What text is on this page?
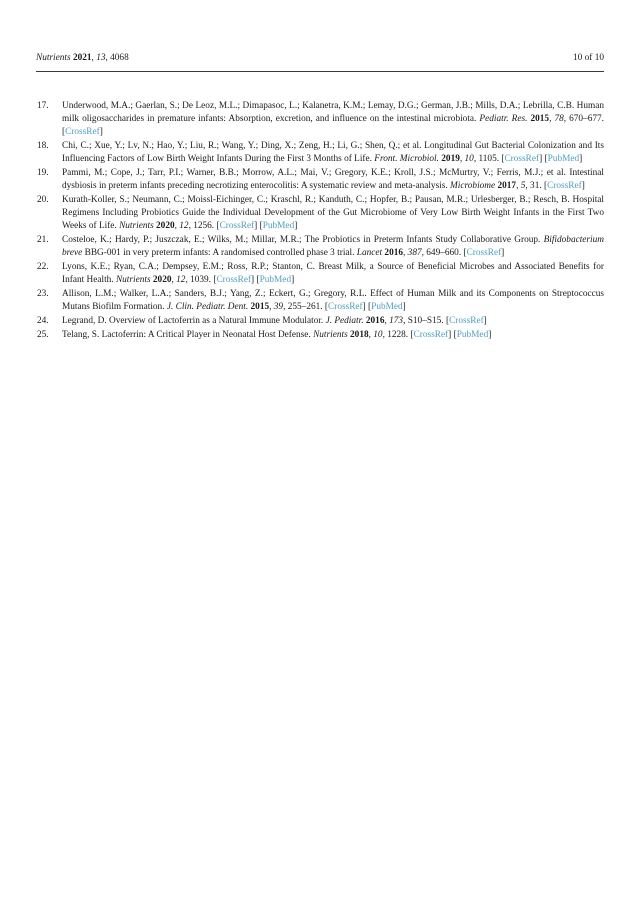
Nutrients 2021, 13, 4068	10 of 10
17. Underwood, M.A.; Gaerlan, S.; De Leoz, M.L.; Dimapasoc, L.; Kalanetra, K.M.; Lemay, D.G.; German, J.B.; Mills, D.A.; Lebrilla, C.B. Human milk oligosaccharides in premature infants: Absorption, excretion, and influence on the intestinal microbiota. Pediatr. Res. 2015, 78, 670–677. [CrossRef]
18. Chi, C.; Xue, Y.; Lv, N.; Hao, Y.; Liu, R.; Wang, Y.; Ding, X.; Zeng, H.; Li, G.; Shen, Q.; et al. Longitudinal Gut Bacterial Colonization and Its Influencing Factors of Low Birth Weight Infants During the First 3 Months of Life. Front. Microbiol. 2019, 10, 1105. [CrossRef] [PubMed]
19. Pammi, M.; Cope, J.; Tarr, P.I.; Warner, B.B.; Morrow, A.L.; Mai, V.; Gregory, K.E.; Kroll, J.S.; McMurtry, V.; Ferris, M.J.; et al. Intestinal dysbiosis in preterm infants preceding necrotizing enterocolitis: A systematic review and meta-analysis. Microbiome 2017, 5, 31. [CrossRef]
20. Kurath-Koller, S.; Neumann, C.; Moissl-Eichinger, C.; Kraschl, R.; Kanduth, C.; Hopfer, B.; Pausan, M.R.; Urlesberger, B.; Resch, B. Hospital Regimens Including Probiotics Guide the Individual Development of the Gut Microbiome of Very Low Birth Weight Infants in the First Two Weeks of Life. Nutrients 2020, 12, 1256. [CrossRef] [PubMed]
21. Costeloe, K.; Hardy, P.; Juszczak, E.; Wilks, M.; Millar, M.R.; The Probiotics in Preterm Infants Study Collaborative Group. Bifidobacterium breve BBG-001 in very preterm infants: A randomised controlled phase 3 trial. Lancet 2016, 387, 649–660. [CrossRef]
22. Lyons, K.E.; Ryan, C.A.; Dempsey, E.M.; Ross, R.P.; Stanton, C. Breast Milk, a Source of Beneficial Microbes and Associated Benefits for Infant Health. Nutrients 2020, 12, 1039. [CrossRef] [PubMed]
23. Allison, L.M.; Walker, L.A.; Sanders, B.J.; Yang, Z.; Eckert, G.; Gregory, R.L. Effect of Human Milk and its Components on Streptococcus Mutans Biofilm Formation. J. Clin. Pediatr. Dent. 2015, 39, 255–261. [CrossRef] [PubMed]
24. Legrand, D. Overview of Lactoferrin as a Natural Immune Modulator. J. Pediatr. 2016, 173, S10–S15. [CrossRef]
25. Telang, S. Lactoferrin: A Critical Player in Neonatal Host Defense. Nutrients 2018, 10, 1228. [CrossRef] [PubMed]
